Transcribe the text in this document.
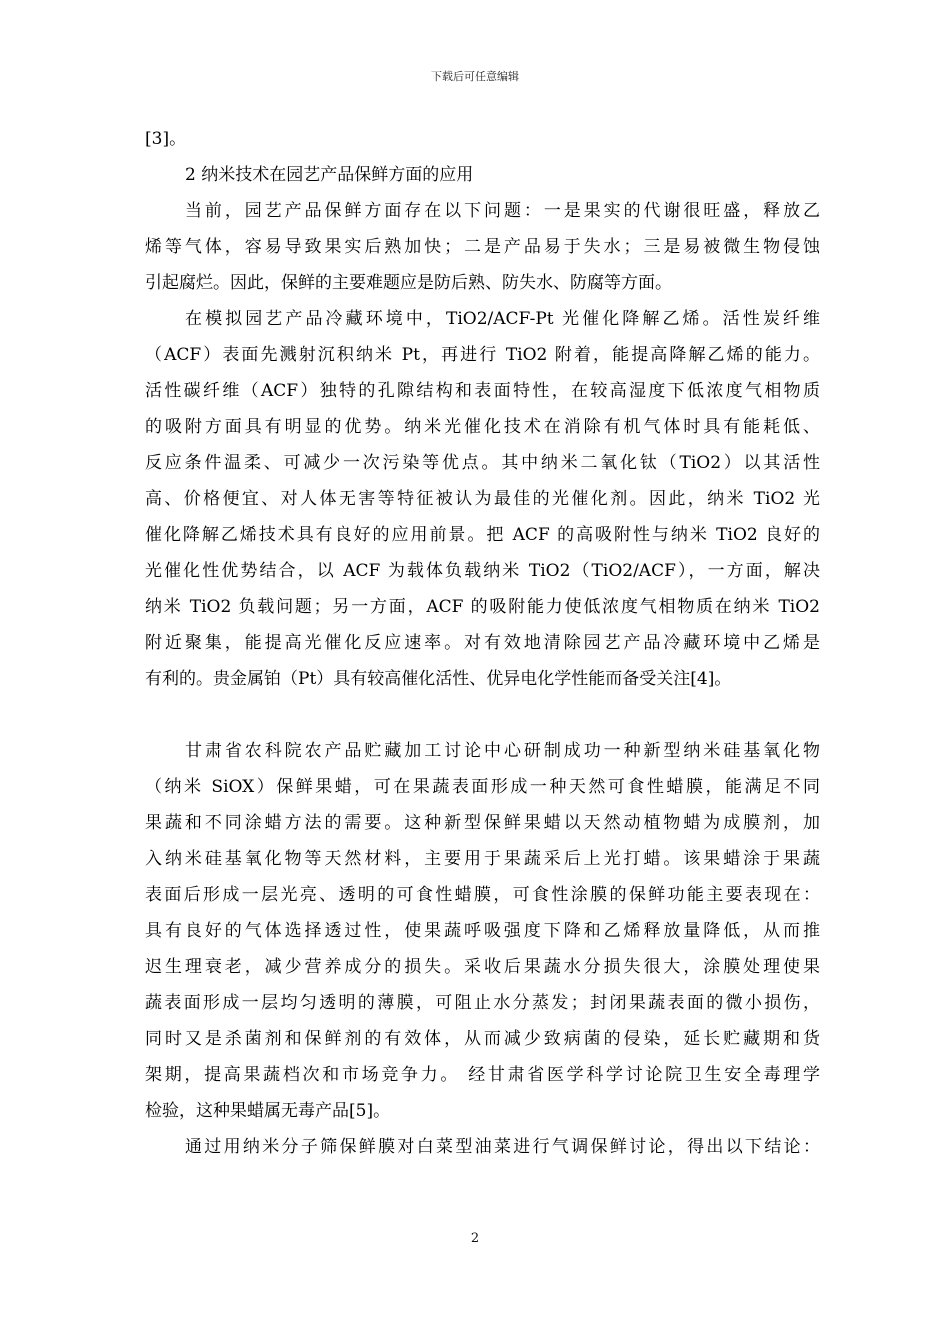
下载后可任意编辑
[3]。
2 纳米技术在园艺产品保鲜方面的应用
当前，园艺产品保鲜方面存在以下问题：一是果实的代谢很旺盛，释放乙
烯等气体，容易导致果实后熟加快；二是产品易于失水；三是易被微生物侵蚀
引起腐烂。因此，保鲜的主要难题应是防后熟、防失水、防腐等方面。
在模拟园艺产品冷藏环境中，TiO2/ACF-Pt 光催化降解乙烯。活性炭纤维
（ACF）表面先溅射沉积纳米 Pt，再进行 TiO2 附着，能提高降解乙烯的能力。
活性碳纤维（ACF）独特的孔隙结构和表面特性，在较高湿度下低浓度气相物质
的吸附方面具有明显的优势。纳米光催化技术在消除有机气体时具有能耗低、
反应条件温柔、可减少一次污染等优点。其中纳米二氧化钛（TiO2）以其活性
高、价格便宜、对人体无害等特征被认为最佳的光催化剂。因此，纳米 TiO2 光
催化降解乙烯技术具有良好的应用前景。把 ACF 的高吸附性与纳米 TiO2 良好的
光催化性优势结合，以 ACF 为载体负载纳米 TiO2（TiO2/ACF），一方面，解决
纳米 TiO2 负载问题；另一方面，ACF 的吸附能力使低浓度气相物质在纳米 TiO2
附近聚集，能提高光催化反应速率。对有效地清除园艺产品冷藏环境中乙烯是
有利的。贵金属铂（Pt）具有较高催化活性、优异电化学性能而备受关注[4]。
甘肃省农科院农产品贮藏加工讨论中心研制成功一种新型纳米硅基氧化物
（纳米 SiOX）保鲜果蜡，可在果蔬表面形成一种天然可食性蜡膜，能满足不同
果蔬和不同涂蜡方法的需要。这种新型保鲜果蜡以天然动植物蜡为成膜剂，加
入纳米硅基氧化物等天然材料，主要用于果蔬采后上光打蜡。该果蜡涂于果蔬
表面后形成一层光亮、透明的可食性蜡膜，可食性涂膜的保鲜功能主要表现在：
具有良好的气体选择透过性，使果蔬呼吸强度下降和乙烯释放量降低，从而推
迟生理衰老，减少营养成分的损失。采收后果蔬水分损失很大，涂膜处理使果
蔬表面形成一层均匀透明的薄膜，可阻止水分蒸发；封闭果蔬表面的微小损伤，
同时又是杀菌剂和保鲜剂的有效体，从而减少致病菌的侵染，延长贮藏期和货
架期，提高果蔬档次和市场竞争力。 经甘肃省医学科学讨论院卫生安全毒理学
检验，这种果蜡属无毒产品[5]。
通过用纳米分子筛保鲜膜对白菜型油菜进行气调保鲜讨论，得出以下结论：
2
